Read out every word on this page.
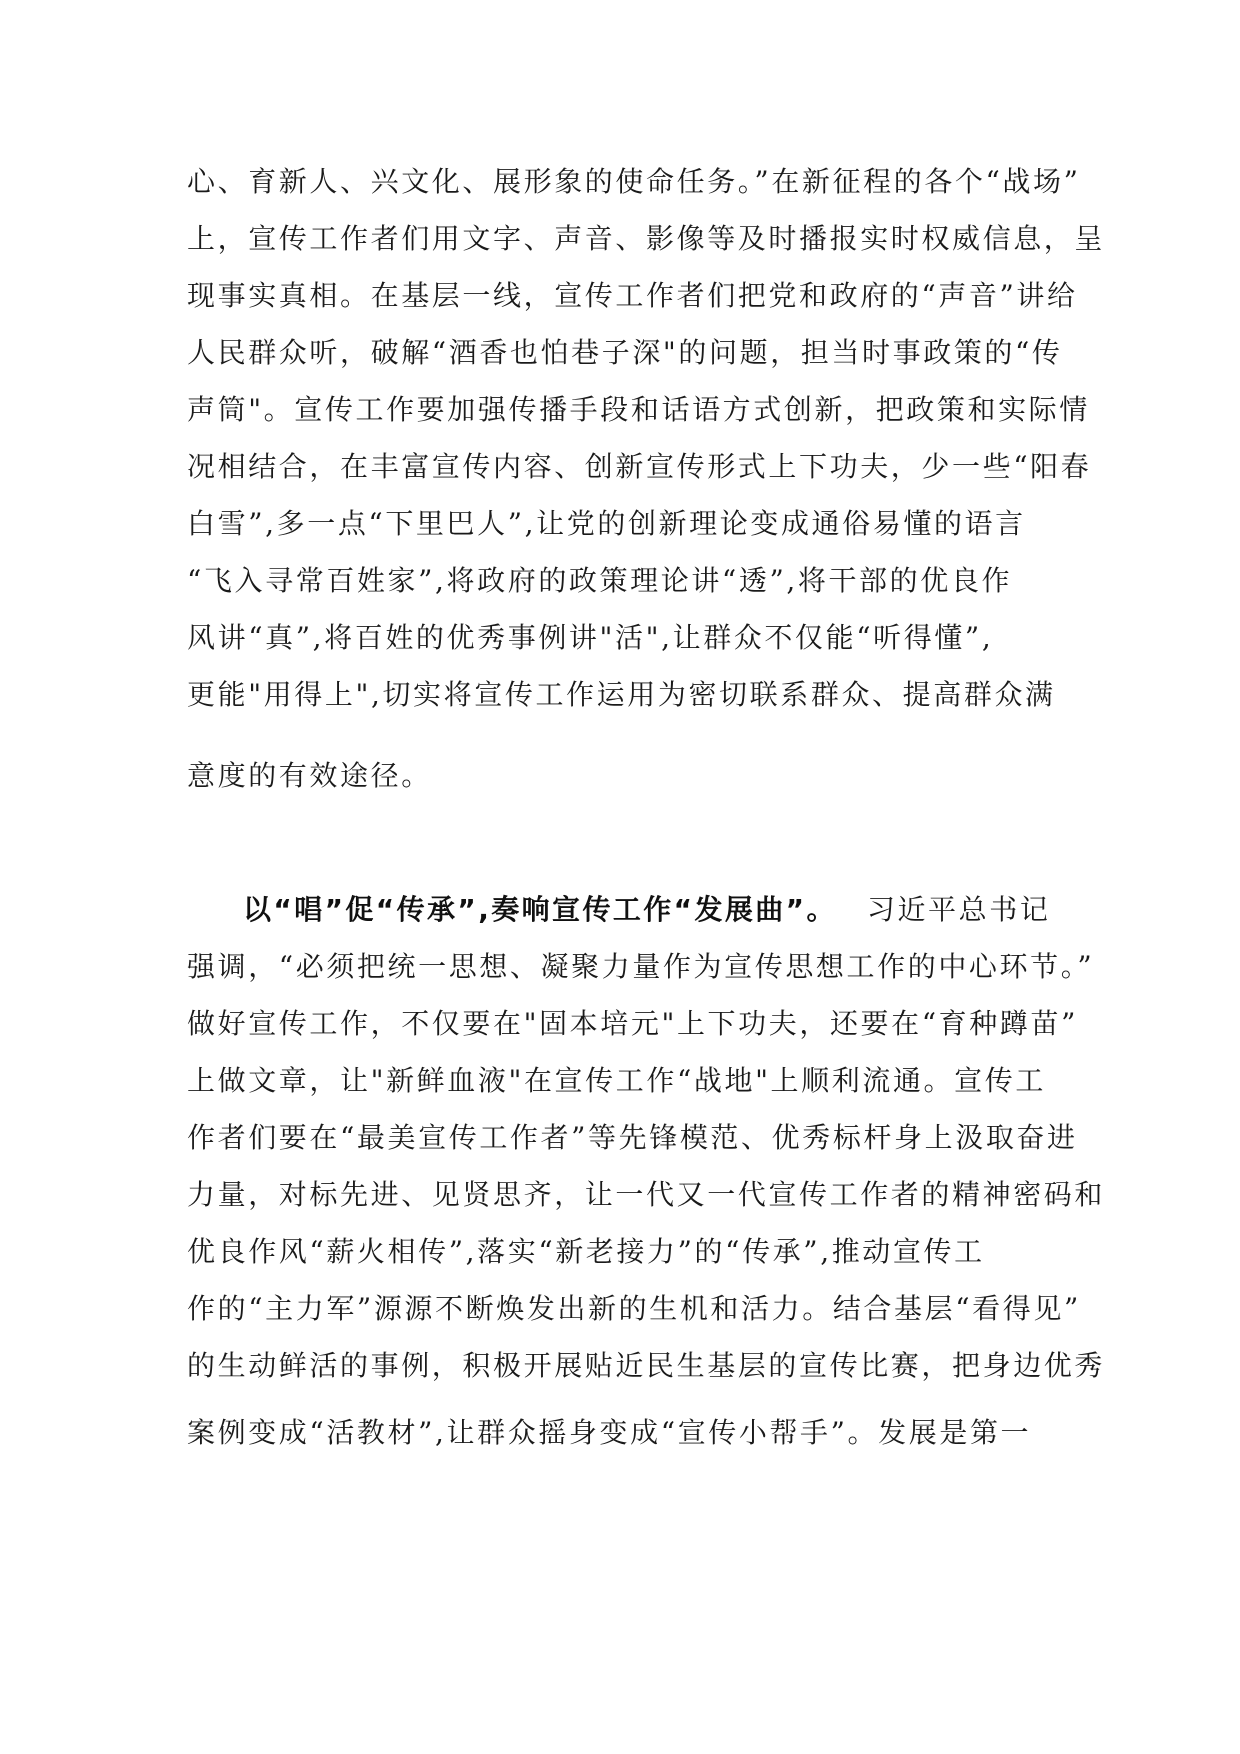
心、育新人、兴文化、展形象的使命任务。”在新征程的各个“战场”

上，宣传工作者们用文字、声音、影像等及时播报实时权威信息，呈

现事实真相。在基层一线，宣传工作者们把党和政府的“声音”讲给

人民群众听，破解“酒香也怕巷子深"的问题，担当时事政策的“传

声筒"。宣传工作要加强传播手段和话语方式创新，把政策和实际情

况相结合，在丰富宣传内容、创新宣传形式上下功夫，少一些“阳春

白雪”,多一点“下里巴人”,让党的创新理论变成通俗易懂的语言

“飞入寻常百姓家”,将政府的政策理论讲“透”,将干部的优良作

风讲“真”,将百姓的优秀事例讲"活",让群众不仅能“听得懂”,

更能"用得上",切实将宣传工作运用为密切联系群众、提高群众满

意度的有效途径。

以“唱”促“传承”,奏响宣传工作“发展曲”。 习近平总书记

强调，“必须把统一思想、凝聚力量作为宣传思想工作的中心环节。”

做好宣传工作，不仅要在"固本培元"上下功夫，还要在“育种蹲苗”

上做文章，让"新鲜血液"在宣传工作“战地"上顺利流通。宣传工

作者们要在“最美宣传工作者”等先锋模范、优秀标杆身上汲取奋进

力量，对标先进、见贤思齐，让一代又一代宣传工作者的精神密码和

优良作风“薪火相传”,落实“新老接力”的“传承”,推动宣传工

作的“主力军”源源不断焕发出新的生机和活力。结合基层“看得见”

的生动鲜活的事例，积极开展贴近民生基层的宣传比赛，把身边优秀

案例变成“活教材”,让群众摇身变成“宣传小帮手”。发展是第一
